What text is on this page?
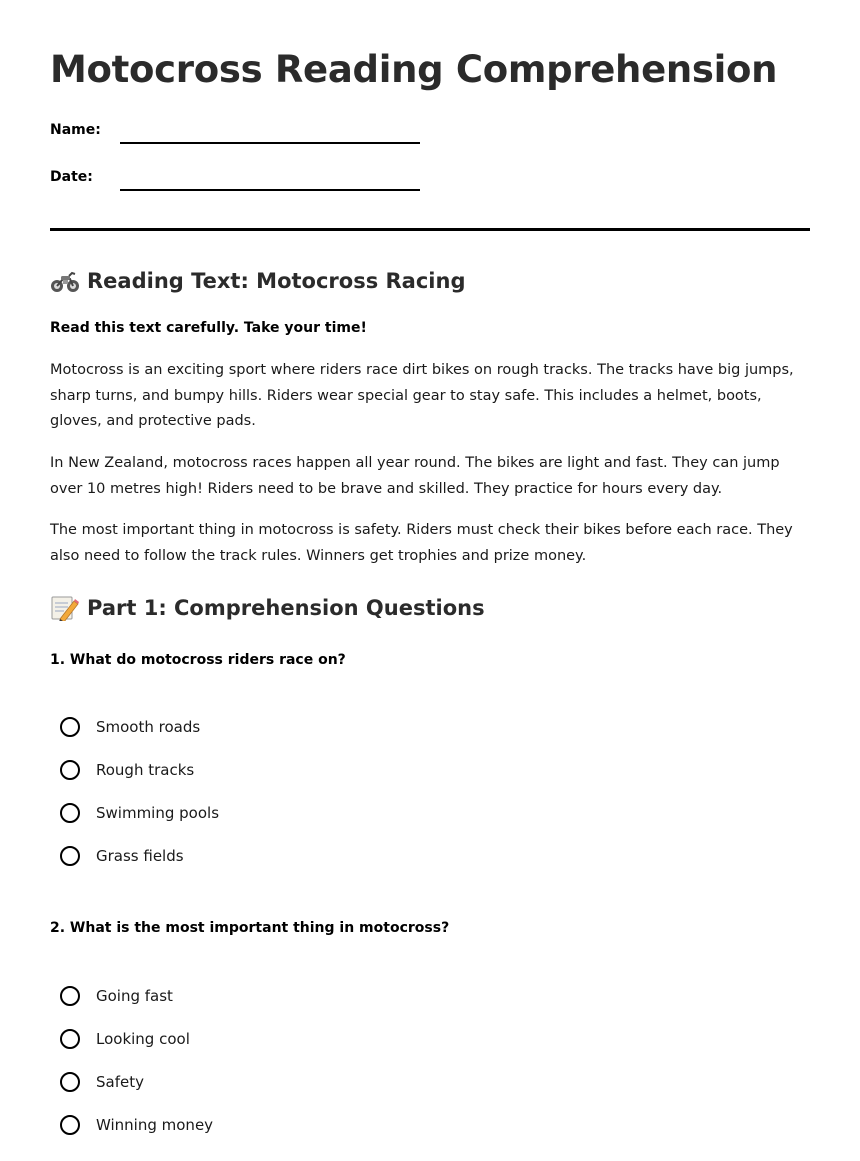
Motocross Reading Comprehension
Name:
Date:
Reading Text: Motocross Racing
Read this text carefully. Take your time!

Motocross is an exciting sport where riders race dirt bikes on rough tracks. The tracks have big jumps, sharp turns, and bumpy hills. Riders wear special gear to stay safe. This includes a helmet, boots, gloves, and protective pads.

In New Zealand, motocross races happen all year round. The bikes are light and fast. They can jump over 10 metres high! Riders need to be brave and skilled. They practice for hours every day.

The most important thing in motocross is safety. Riders must check their bikes before each race. They also need to follow the track rules. Winners get trophies and prize money.

Part 1: Comprehension Questions
1. What do motocross riders race on?
Smooth roads
Rough tracks
Swimming pools
Grass fields
2. What is the most important thing in motocross?
Going fast
Looking cool
Safety
Winning money
